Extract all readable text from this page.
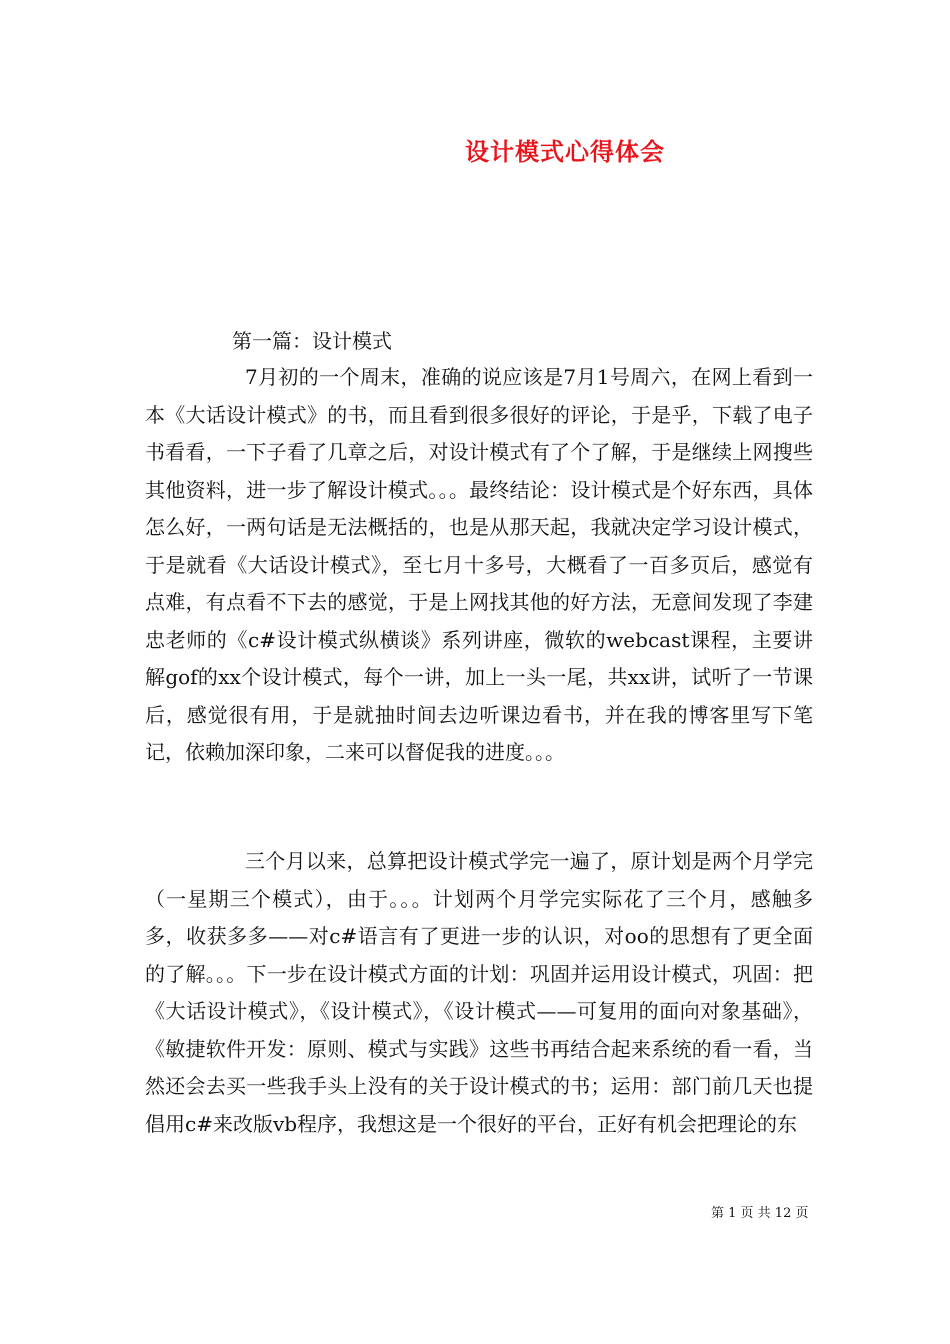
设计模式心得体会
第一篇：设计模式
7月初的一个周末，准确的说应该是7月1号周六，在网上看到一本《大话设计模式》的书，而且看到很多很好的评论，于是乎，下载了电子书看看，一下子看了几章之后，对设计模式有了个了解，于是继续上网搜些其他资料，进一步了解设计模式。。。最终结论：设计模式是个好东西，具体怎么好，一两句话是无法概括的，也是从那天起，我就决定学习设计模式，于是就看《大话设计模式》，至七月十多号，大概看了一百多页后，感觉有点难，有点看不下去的感觉，于是上网找其他的好方法，无意间发现了李建忠老师的《c#设计模式纵横谈》系列讲座，微软的webcast课程，主要讲解gof的xx个设计模式，每个一讲，加上一头一尾，共xx讲，试听了一节课后，感觉很有用，于是就抽时间去边听课边看书，并在我的博客里写下笔记，依赖加深印象，二来可以督促我的进度。。。
三个月以来，总算把设计模式学完一遍了，原计划是两个月学完（一星期三个模式），由于。。。计划两个月学完实际花了三个月，感触多多，收获多多——对c#语言有了更进一步的认识，对oo的思想有了更全面的了解。。。下一步在设计模式方面的计划：巩固并运用设计模式，巩固：把《大话设计模式》，《设计模式》，《设计模式——可复用的面向对象基础》，《敏捷软件开发：原则、模式与实践》这些书再结合起来系统的看一看，当然还会去买一些我手头上没有的关于设计模式的书；运用：部门前几天也提倡用c#来改版vb程序，我想这是一个很好的平台，正好有机会把理论的东
第 1 页 共 12 页
